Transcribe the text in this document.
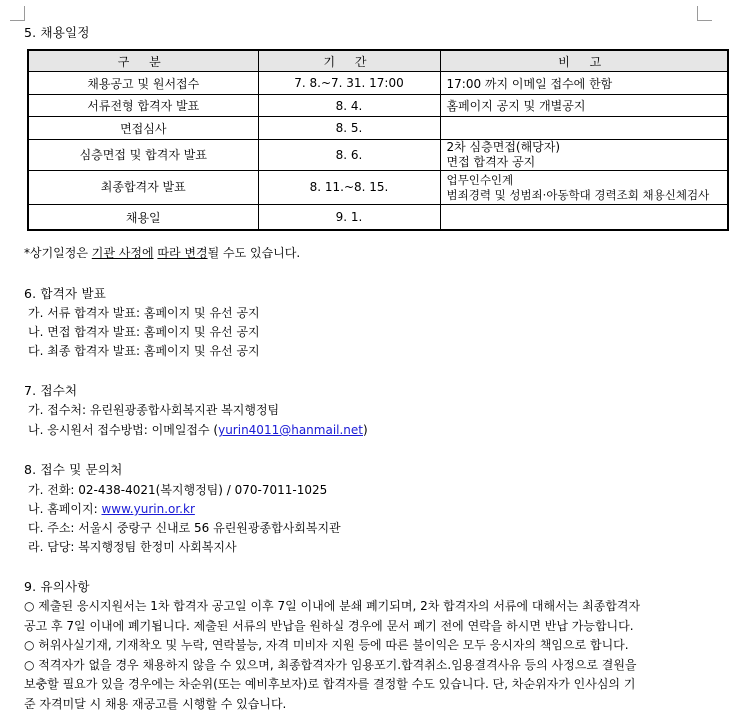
5. 채용일정
구 분	기 간	비 고
채용공고 및 원서접수	7. 8.~7. 31. 17:00	17:00 까지 이메일 접수에 한함
서류전형 합격자 발표	8. 4.	홈페이지 공지 및 개별공지
면접심사	8. 5.	
심층면접 및 합격자 발표	8. 6.	2차 심층면접(해당자)
면접 합격자 공지

최종합격자 발표	8. 11.~8. 15.	업무인수인계
범죄경력 및 성범죄·아동학대 경력조회 채용신체검사

채용일	9. 1.	
*상기일정은 기관 사정에 따라 변경될 수도 있습니다.
6. 합격자 발표
가. 서류 합격자 발표: 홈페이지 및 유선 공지
나. 면접 합격자 발표: 홈페이지 및 유선 공지
다. 최종 합격자 발표: 홈페이지 및 유선 공지
7. 접수처
가. 접수처: 유린원광종합사회복지관 복지행정팀
나. 응시원서 접수방법: 이메일접수 (yurin4011@hanmail.net)
8. 접수 및 문의처
가. 전화: 02-438-4021(복지행정팀) / 070-7011-1025
나. 홈페이지: www.yurin.or.kr
다. 주소: 서울시 중랑구 신내로 56 유린원광종합사회복지관
라. 담당: 복지행정팀 한정미 사회복지사
9. 유의사항
○ 제출된 응시지원서는 1차 합격자 공고일 이후 7일 이내에 분쇄 폐기되며, 2차 합격자의 서류에 대해서는 최종합격자
공고 후 7일 이내에 폐기됩니다. 제출된 서류의 반납을 원하실 경우에 문서 폐기 전에 연락을 하시면 반납 가능합니다.
○ 허위사실기재, 기재착오 및 누락, 연락불능, 자격 미비자 지원 등에 따른 불이익은 모두 응시자의 책임으로 합니다.
○ 적격자가 없을 경우 채용하지 않을 수 있으며, 최종합격자가 임용포기.합격취소.임용결격사유 등의 사정으로 결원을
보충할 필요가 있을 경우에는 차순위(또는 예비후보자)로 합격자를 결정할 수도 있습니다. 단, 차순위자가 인사심의 기
준 자격미달 시 채용 재공고를 시행할 수 있습니다.
